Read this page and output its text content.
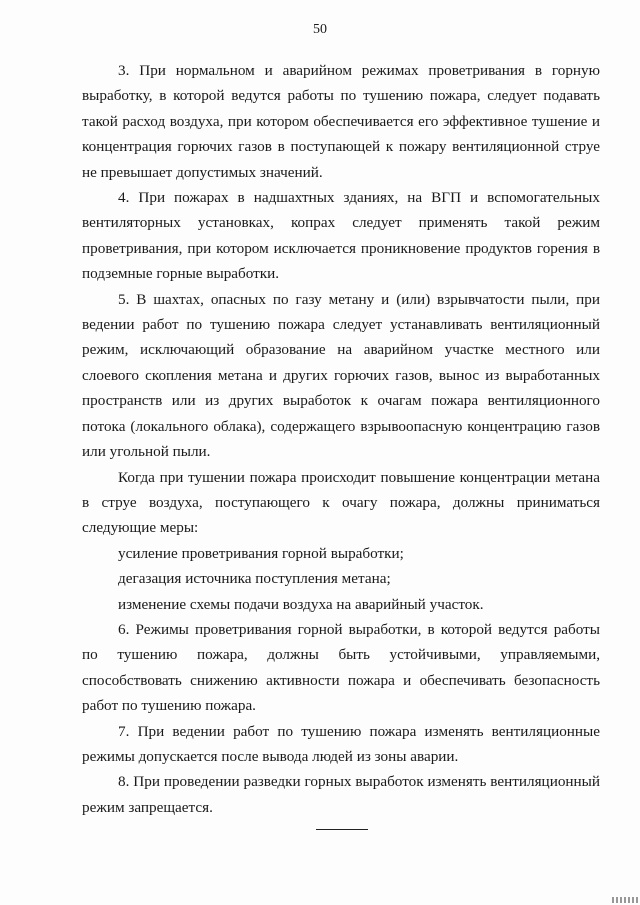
50

3. При нормальном и аварийном режимах проветривания в горную выработку, в которой ведутся работы по тушению пожара, следует подавать такой расход воздуха, при котором обеспечивается его эффективное тушение и концентрация горючих газов в поступающей к пожару вентиляционной струе не превышает допустимых значений.

4. При пожарах в надшахтных зданиях, на ВГП и вспомогательных вентиляторных установках, копрах следует применять такой режим проветривания, при котором исключается проникновение продуктов горения в подземные горные выработки.

5. В шахтах, опасных по газу метану и (или) взрывчатости пыли, при ведении работ по тушению пожара следует устанавливать вентиляционный режим, исключающий образование на аварийном участке местного или слоевого скопления метана и других горючих газов, вынос из выработанных пространств или из других выработок к очагам пожара вентиляционного потока (локального облака), содержащего взрывоопасную концентрацию газов или угольной пыли.

Когда при тушении пожара происходит повышение концентрации метана в струе воздуха, поступающего к очагу пожара, должны приниматься следующие меры:

усиление проветривания горной выработки;

дегазация источника поступления метана;

изменение схемы подачи воздуха на аварийный участок.

6. Режимы проветривания горной выработки, в которой ведутся работы по тушению пожара, должны быть устойчивыми, управляемыми, способствовать снижению активности пожара и обеспечивать безопасность работ по тушению пожара.

7. При ведении работ по тушению пожара изменять вентиляционные режимы допускается после вывода людей из зоны аварии.

8. При проведении разведки горных выработок изменять вентиляционный режим запрещается.
